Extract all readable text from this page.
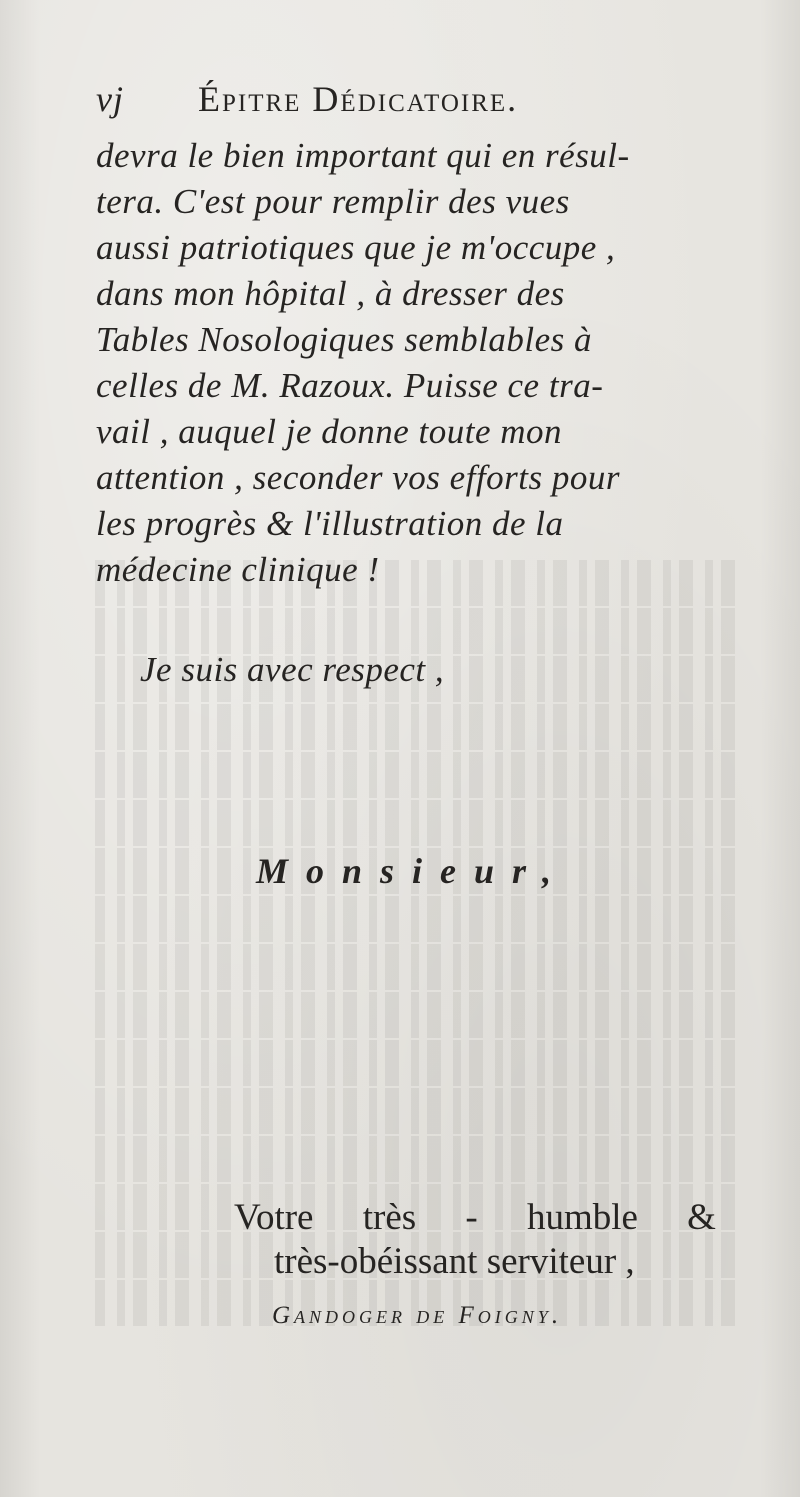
vj Épitre Dédicatoire.
devra le bien important qui en résul-
tera. C'est pour remplir des vues
aussi patriotiques que je m'occupe ,
dans mon hôpital , à dresser des
Tables Nosologiques semblables à
celles de M. Razoux. Puisse ce tra-
vail , auquel je donne toute mon
attention , seconder vos efforts pour
les progrès & l'illustration de la
médecine clinique !
Je suis avec respect ,
Monsieur,
Votre très - humble &
très-obéissant serviteur ,
Gandoger de Foigny.
